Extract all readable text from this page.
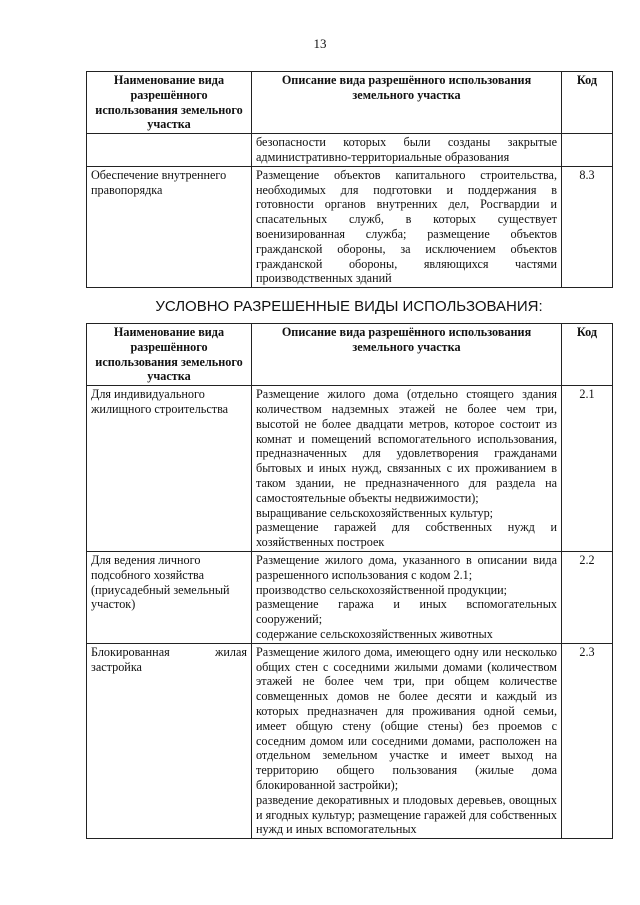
13
Наименование вида разрешённого использования земельного участка	Описание вида разрешённого использования земельного участка	Код
	безопасности которых были созданы закрытые административно-территориальные образования	
Обеспечение внутреннего правопорядка	Размещение объектов капитального строительства, необходимых для подготовки и поддержания в готовности органов внутренних дел, Росгвардии и спасательных служб, в которых существует военизированная служба; размещение объектов гражданской обороны, за исключением объектов гражданской обороны, являющихся частями производственных зданий	8.3
УСЛОВНО РАЗРЕШЕННЫЕ ВИДЫ ИСПОЛЬЗОВАНИЯ:
Наименование вида разрешённого использования земельного участка	Описание вида разрешённого использования земельного участка	Код
Для индивидуального жилищного строительства	Размещение жилого дома (отдельно стоящего здания количеством надземных этажей не более чем три, высотой не более двадцати метров, которое состоит из комнат и помещений вспомогательного использования, предназначенных для удовлетворения гражданами бытовых и иных нужд, связанных с их проживанием в таком здании, не предназначенного для раздела на самостоятельные объекты недвижимости);
выращивание сельскохозяйственных культур;
размещение гаражей для собственных нужд и хозяйственных построек	2.1
Для ведения личного подсобного хозяйства (приусадебный земельный участок)	Размещение жилого дома, указанного в описании вида разрешенного использования с кодом 2.1;
производство сельскохозяйственной продукции;
размещение гаража и иных вспомогательных сооружений;
содержание сельскохозяйственных животных	2.2
Блокированная жилая застройка	Размещение жилого дома, имеющего одну или несколько общих стен с соседними жилыми домами (количеством этажей не более чем три, при общем количестве совмещенных домов не более десяти и каждый из которых предназначен для проживания одной семьи, имеет общую стену (общие стены) без проемов с соседним домом или соседними домами, расположен на отдельном земельном участке и имеет выход на территорию общего пользования (жилые дома блокированной застройки);
разведение декоративных и плодовых деревьев, овощных и ягодных культур; размещение гаражей для собственных нужд и иных вспомогательных	2.3
